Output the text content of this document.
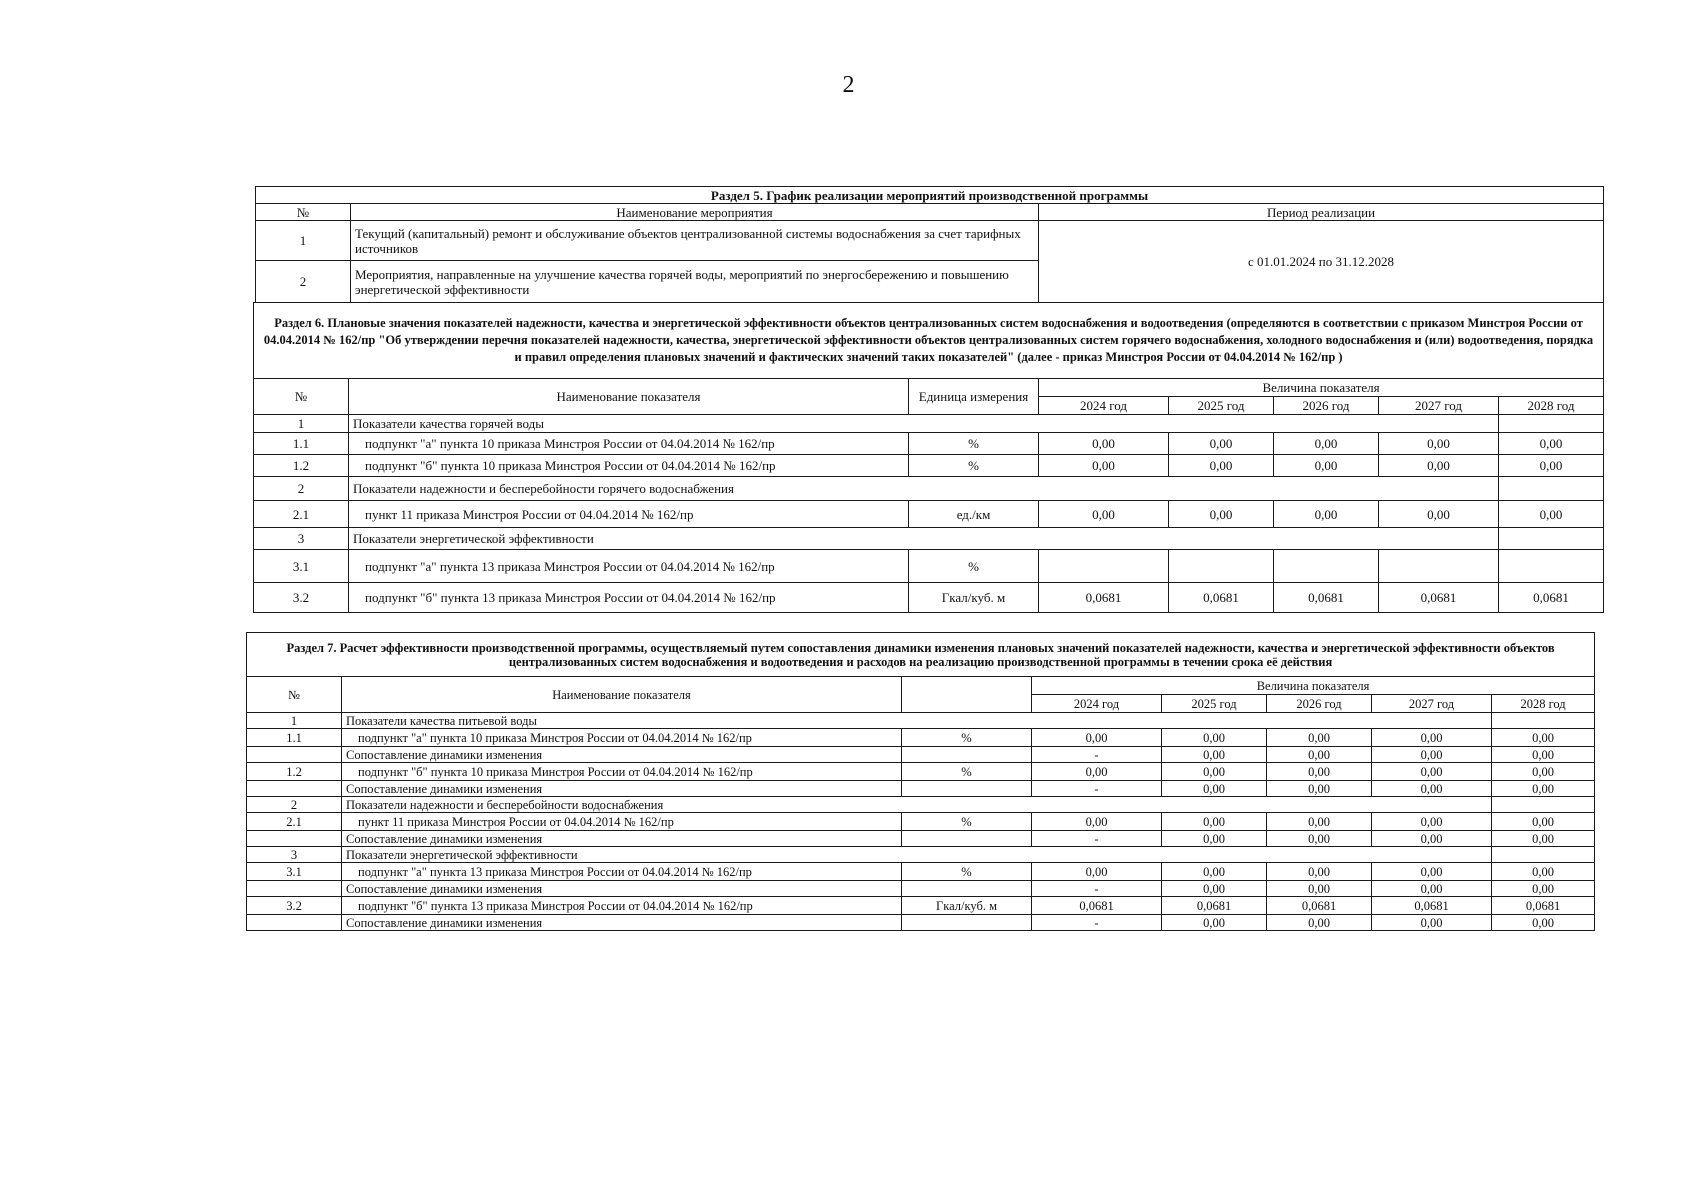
2
Раздел 5. График реализации мероприятий производственной программы		
№	Наименование мероприятия	Период реализации
1	Текущий (капитальный) ремонт и обслуживание объектов централизованной системы водоснабжения за счет тарифных источников	с 01.01.2024 по 31.12.2028
2	Мероприятия, направленные на улучшение качества горячей воды, мероприятий по энергосбережению и повышению энергетической эффективности	
Раздел 6. Плановые значения показателей надежности, качества и энергетической эффективности объектов централизованных систем водоснабжения и водоотведения (определяются в соответствии с приказом Минстроя России от 04.04.2014 № 162/пр "Об утверждении перечня показателей надежности, качества, энергетической эффективности объектов централизованных систем горячего водоснабжения, холодного водоснабжения и (или) водоотведения, порядка и правил определения плановых значений и фактических значений таких показателей" (далее - приказ Минстроя России от 04.04.2014 № 162/пр )							
№	Наименование показателя	Единица измерения	Величина показателя				
			2024 год	2025 год	2026 год	2027 год	2028 год
1	Показатели качества горячей воды						
1.1	подпункт "а" пункта 10 приказа Минстроя России от 04.04.2014 № 162/пр	%	0,00	0,00	0,00	0,00	0,00
1.2	подпункт "б" пункта 10 приказа Минстроя России от 04.04.2014 № 162/пр	%	0,00	0,00	0,00	0,00	0,00
2	Показатели надежности и бесперебойности горячего водоснабжения						
2.1	пункт 11 приказа Минстроя России от 04.04.2014 № 162/пр	ед./км	0,00	0,00	0,00	0,00	0,00
3	Показатели энергетической эффективности						
3.1	подпункт "а" пункта 13 приказа Минстроя России от 04.04.2014 № 162/пр	%					
3.2	подпункт "б" пункта 13 приказа Минстроя России от 04.04.2014 № 162/пр	Гкал/куб. м	0,0681	0,0681	0,0681	0,0681	0,0681
Раздел 7. Расчет эффективности производственной программы, осуществляемый путем сопоставления динамики изменения плановых значений показателей надежности, качества и энергетической эффективности объектов централизованных систем водоснабжения и водоотведения и расходов на реализацию производственной программы в течении срока её действия							
№	Наименование показателя		Величина показателя				
			2024 год	2025 год	2026 год	2027 год	2028 год
1	Показатели качества питьевой воды						
1.1	подпункт "а" пункта 10 приказа Минстроя России от 04.04.2014 № 162/пр	%	0,00	0,00	0,00	0,00	0,00
	Сопоставление динамики изменения		-	0,00	0,00	0,00	0,00
1.2	подпункт "б" пункта 10 приказа Минстроя России от 04.04.2014 № 162/пр	%	0,00	0,00	0,00	0,00	0,00
	Сопоставление динамики изменения		-	0,00	0,00	0,00	0,00
2	Показатели надежности и бесперебойности водоснабжения						
2.1	пункт 11 приказа Минстроя России от 04.04.2014 № 162/пр	%	0,00	0,00	0,00	0,00	0,00
	Сопоставление динамики изменения		-	0,00	0,00	0,00	0,00
3	Показатели энергетической эффективности						
3.1	подпункт "а" пункта 13 приказа Минстроя России от 04.04.2014 № 162/пр	%	0,00	0,00	0,00	0,00	0,00
	Сопоставление динамики изменения		-	0,00	0,00	0,00	0,00
3.2	подпункт "б" пункта 13 приказа Минстроя России от 04.04.2014 № 162/пр	Гкал/куб. м	0,0681	0,0681	0,0681	0,0681	0,0681
	Сопоставление динамики изменения		-	0,00	0,00	0,00	0,00
